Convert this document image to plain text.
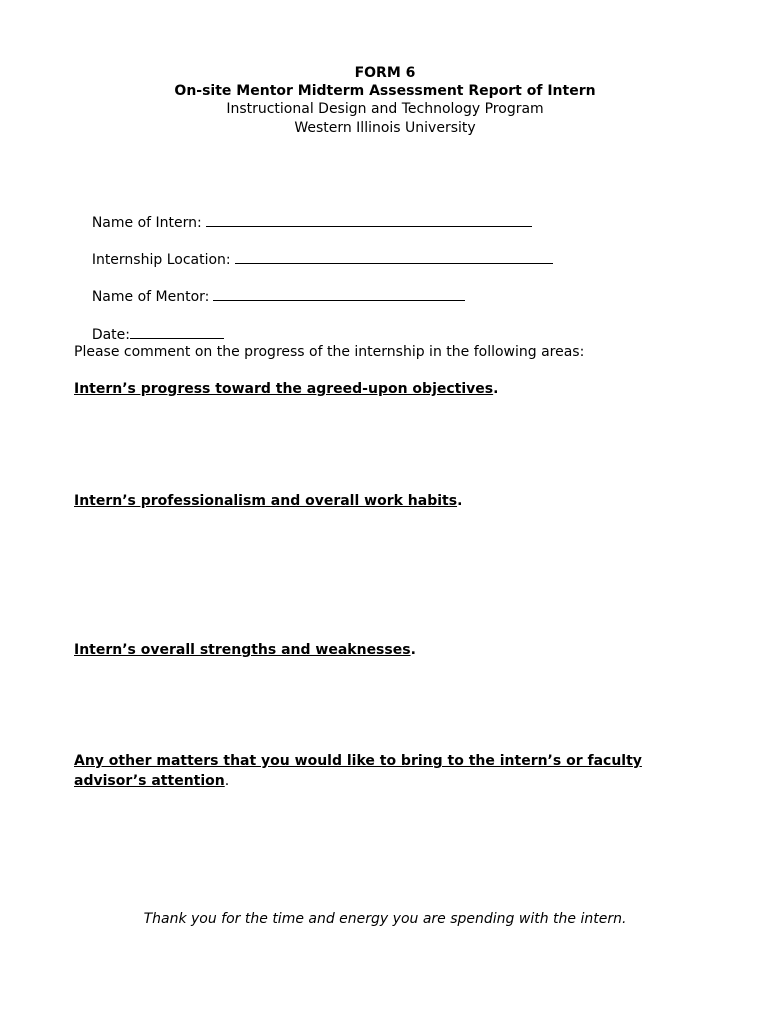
FORM 6
On-site Mentor Midterm Assessment Report of Intern
Instructional Design and Technology Program
Western Illinois University

Name of Intern:

Internship Location:

Name of Mentor:

Date:

Please comment on the progress of the internship in the following areas:
Intern’s progress toward the agreed-upon objectives.
Intern’s professionalism and overall work habits.
Intern’s overall strengths and weaknesses.
Any other matters that you would like to bring to the intern’s or faculty
advisor’s attention.
Thank you for the time and energy you are spending with the intern.
